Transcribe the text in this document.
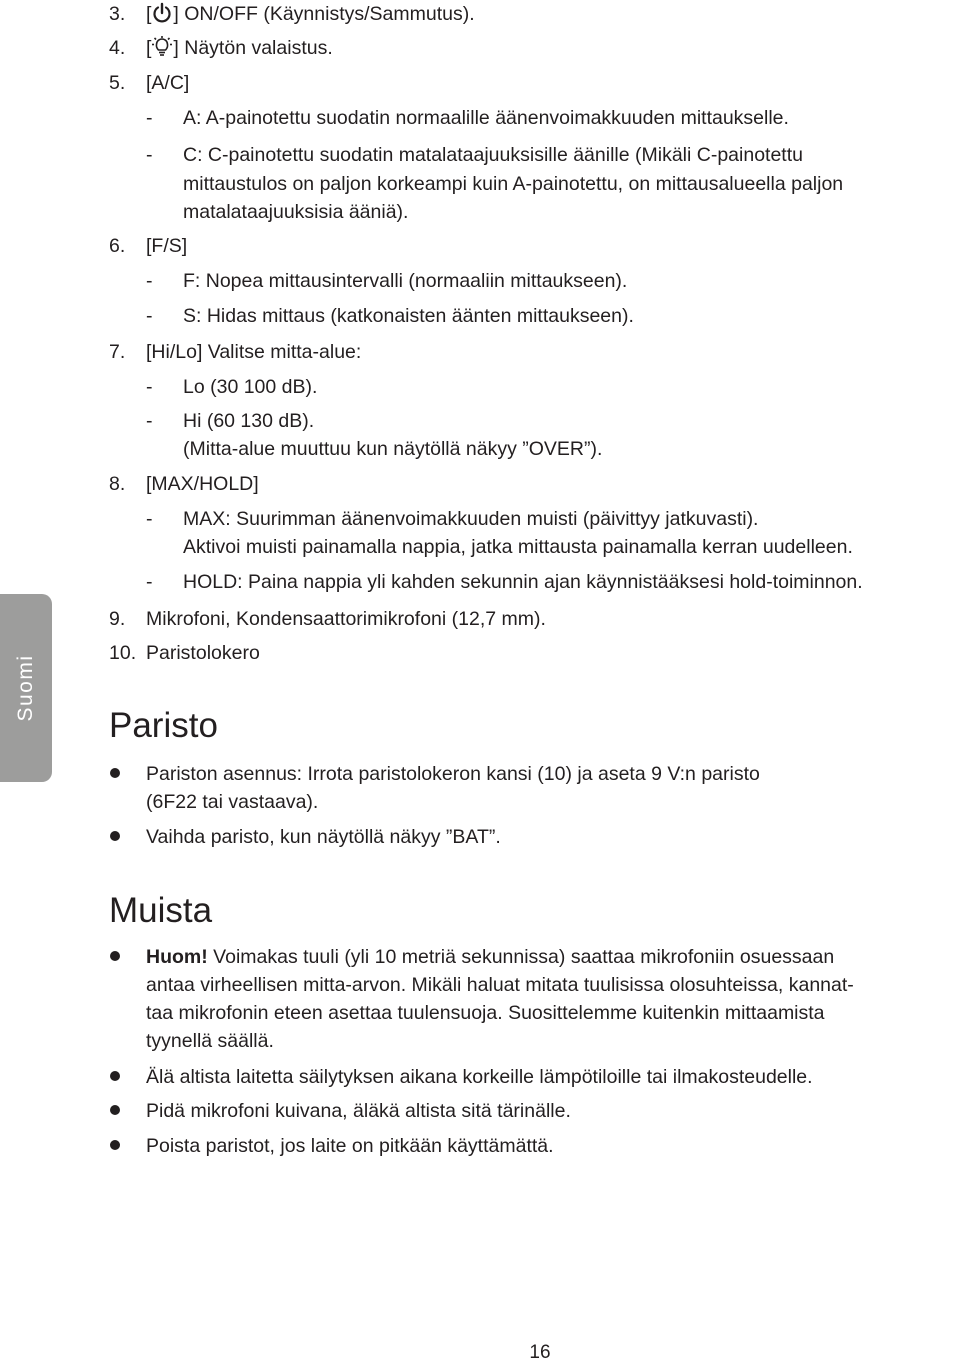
Suomi
3. [ ] ON/OFF (Käynnistys/Sammutus).
4. [ ] Näytön valaistus.
5. [A/C]
- A: A-painotettu suodatin normaalille äänenvoimakkuuden mittaukselle.
- C: C-painotettu suodatin matalataajuuksisille äänille (Mikäli C-painotettu
mittaustulos on paljon korkeampi kuin A-painotettu, on mittausalueella paljon
matalataajuuksisia ääniä).
6. [F/S]
- F: Nopea mittausintervalli (normaaliin mittaukseen).
- S: Hidas mittaus (katkonaisten äänten mittaukseen).
7. [Hi/Lo] Valitse mitta-alue:
- Lo (30 100 dB).
- Hi (60 130 dB).
(Mitta-alue muuttuu kun näytöllä näkyy ”OVER”).
8. [MAX/HOLD]
- MAX: Suurimman äänenvoimakkuuden muisti (päivittyy jatkuvasti).
Aktivoi muisti painamalla nappia, jatka mittausta painamalla kerran uudelleen.
- HOLD: Paina nappia yli kahden sekunnin ajan käynnistääksesi hold-toiminnon.
9. Mikrofoni, Kondensaattorimikrofoni (12,7 mm).
10. Paristolokero
Paristo
Pariston asennus: Irrota paristolokeron kansi (10) ja aseta 9 V:n paristo
(6F22 tai vastaava).
Vaihda paristo, kun näytöllä näkyy ”BAT”.
Muista
Huom! Voimakas tuuli (yli 10 metriä sekunnissa) saattaa mikrofoniin osuessaan
antaa virheellisen mitta-arvon. Mikäli haluat mitata tuulisissa olosuhteissa, kannat-
taa mikrofonin eteen asettaa tuulensuoja. Suosittelemme kuitenkin mittaamista
tyynellä säällä.
Älä altista laitetta säilytyksen aikana korkeille lämpötiloille tai ilmakosteudelle.
Pidä mikrofoni kuivana, äläkä altista sitä tärinälle.
Poista paristot, jos laite on pitkään käyttämättä.
16
